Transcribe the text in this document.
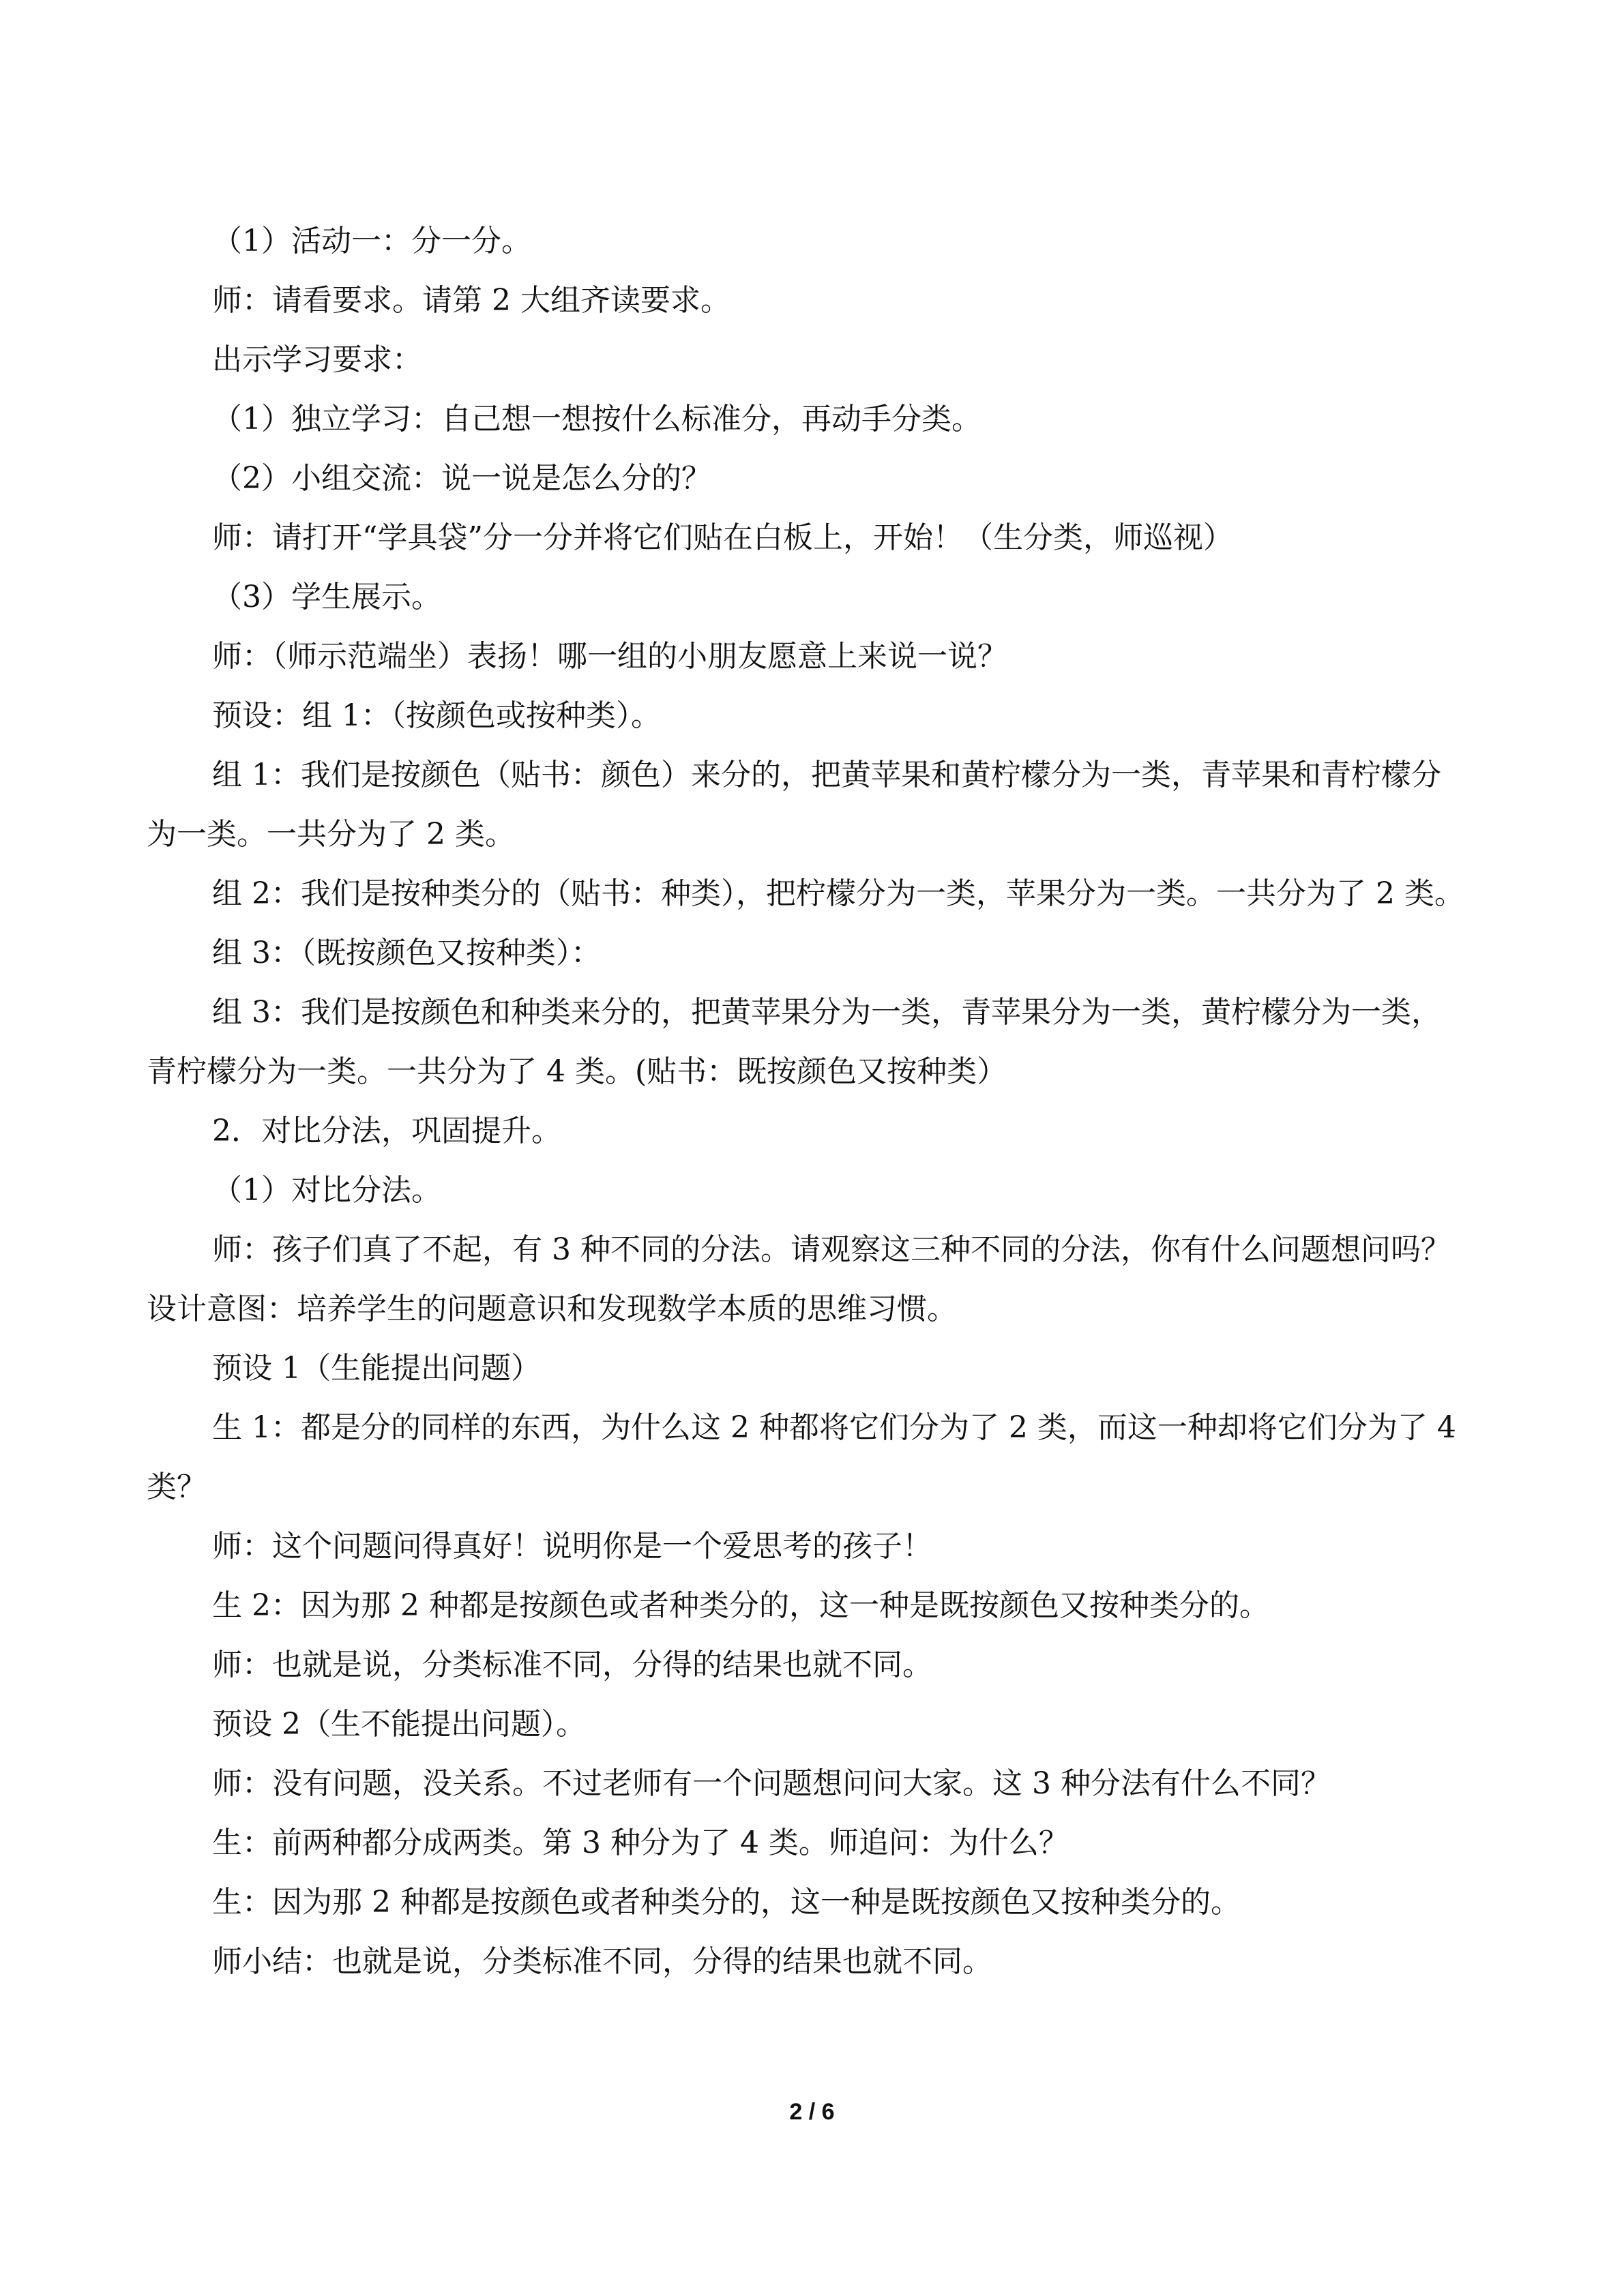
（1）活动一：分一分。

师：请看要求。请第 2 大组齐读要求。

出示学习要求：

（1）独立学习：自己想一想按什么标准分，再动手分类。

（2）小组交流：说一说是怎么分的？

师：请打开“学具袋”分一分并将它们贴在白板上，开始！（生分类，师巡视）

（3）学生展示。

师：（师示范端坐）表扬！哪一组的小朋友愿意上来说一说？

预设：组 1：（按颜色或按种类）。

组 1：我们是按颜色（贴书：颜色）来分的，把黄苹果和黄柠檬分为一类，青苹果和青柠檬分为一类。一共分为了 2 类。

组 2：我们是按种类分的（贴书：种类），把柠檬分为一类，苹果分为一类。一共分为了 2 类。

组 3：（既按颜色又按种类）：

组 3：我们是按颜色和种类来分的，把黄苹果分为一类，青苹果分为一类，黄柠檬分为一类，青柠檬分为一类。一共分为了 4 类。(贴书：既按颜色又按种类）

2．对比分法，巩固提升。

（1）对比分法。

师：孩子们真了不起，有 3 种不同的分法。请观察这三种不同的分法，你有什么问题想问吗？设计意图：培养学生的问题意识和发现数学本质的思维习惯。

预设 1（生能提出问题）

生 1：都是分的同样的东西，为什么这 2 种都将它们分为了 2 类，而这一种却将它们分为了 4 类？

师：这个问题问得真好！说明你是一个爱思考的孩子！

生 2：因为那 2 种都是按颜色或者种类分的，这一种是既按颜色又按种类分的。

师：也就是说，分类标准不同，分得的结果也就不同。

预设 2（生不能提出问题）。

师：没有问题，没关系。不过老师有一个问题想问问大家。这 3 种分法有什么不同？

生：前两种都分成两类。第 3 种分为了 4 类。师追问：为什么？

生：因为那 2 种都是按颜色或者种类分的，这一种是既按颜色又按种类分的。

师小结：也就是说，分类标准不同，分得的结果也就不同。

2 / 6
